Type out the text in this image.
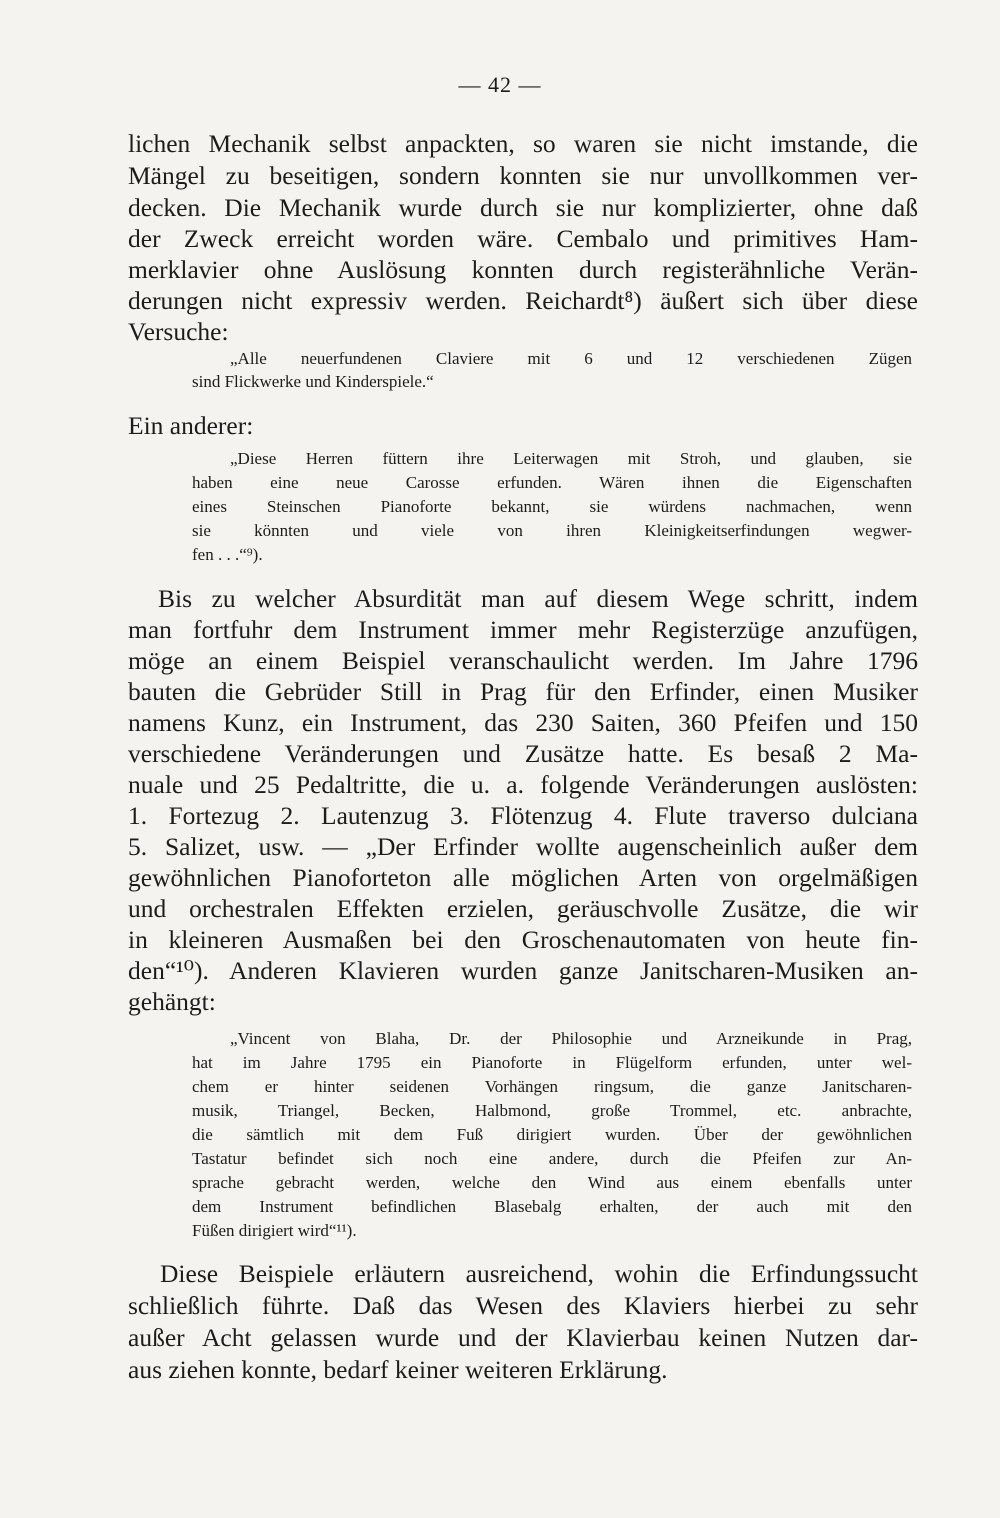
— 42 —
lichen Mechanik selbst anpackten, so waren sie nicht imstande, die
Mängel zu beseitigen, sondern konnten sie nur unvollkommen ver-
decken. Die Mechanik wurde durch sie nur komplizierter, ohne daß
der Zweck erreicht worden wäre. Cembalo und primitives Ham-
merklavier ohne Auslösung konnten durch registerähnliche Verän-
derungen nicht expressiv werden. Reichardt⁸) äußert sich über diese
Versuche:
„Alle neuerfundenen Claviere mit 6 und 12 verschiedenen Zügen
sind Flickwerke und Kinderspiele.“
Ein anderer:
„Diese Herren füttern ihre Leiterwagen mit Stroh, und glauben, sie
haben eine neue Carosse erfunden. Wären ihnen die Eigenschaften
eines Steinschen Pianoforte bekannt, sie würdens nachmachen, wenn
sie könnten und viele von ihren Kleinigkeitserfindungen wegwer-
fen . . .“⁹).
Bis zu welcher Absurdität man auf diesem Wege schritt, indem
man fortfuhr dem Instrument immer mehr Registerzüge anzufügen,
möge an einem Beispiel veranschaulicht werden. Im Jahre 1796
bauten die Gebrüder Still in Prag für den Erfinder, einen Musiker
namens Kunz, ein Instrument, das 230 Saiten, 360 Pfeifen und 150
verschiedene Veränderungen und Zusätze hatte. Es besaß 2 Ma-
nuale und 25 Pedaltritte, die u. a. folgende Veränderungen auslösten:
1. Fortezug 2. Lautenzug 3. Flötenzug 4. Flute traverso dulciana
5. Salizet, usw. — „Der Erfinder wollte augenscheinlich außer dem
gewöhnlichen Pianoforteton alle möglichen Arten von orgelmäßigen
und orchestralen Effekten erzielen, geräuschvolle Zusätze, die wir
in kleineren Ausmaßen bei den Groschenautomaten von heute fin-
den“¹⁰). Anderen Klavieren wurden ganze Janitscharen-Musiken an-
gehängt:
„Vincent von Blaha, Dr. der Philosophie und Arzneikunde in Prag,
hat im Jahre 1795 ein Pianoforte in Flügelform erfunden, unter wel-
chem er hinter seidenen Vorhängen ringsum, die ganze Janitscharen-
musik, Triangel, Becken, Halbmond, große Trommel, etc. anbrachte,
die sämtlich mit dem Fuß dirigiert wurden. Über der gewöhnlichen
Tastatur befindet sich noch eine andere, durch die Pfeifen zur An-
sprache gebracht werden, welche den Wind aus einem ebenfalls unter
dem Instrument befindlichen Blasebalg erhalten, der auch mit den
Füßen dirigiert wird“¹¹).
Diese Beispiele erläutern ausreichend, wohin die Erfindungssucht
schließlich führte. Daß das Wesen des Klaviers hierbei zu sehr
außer Acht gelassen wurde und der Klavierbau keinen Nutzen dar-
aus ziehen konnte, bedarf keiner weiteren Erklärung.
